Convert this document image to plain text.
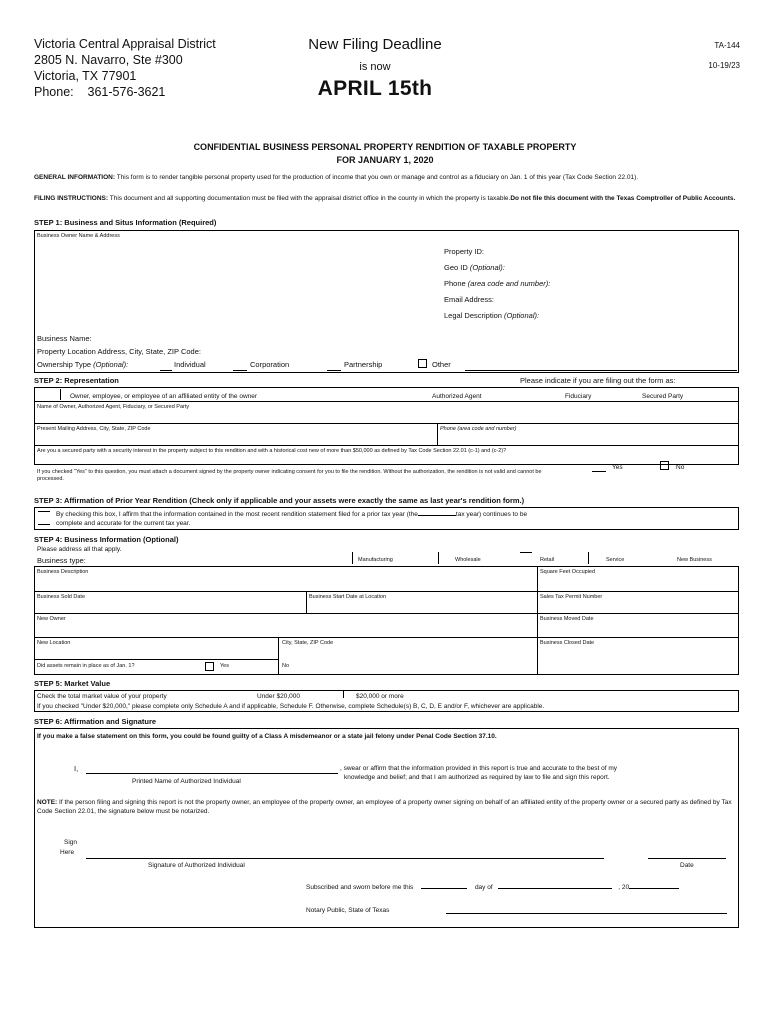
Victoria Central Appraisal District
2805 N. Navarro, Ste #300
Victoria, TX 77901
Phone: 361-576-3621
New Filing Deadline
is now
APRIL 15th
TA-144
10-19/23
CONFIDENTIAL BUSINESS PERSONAL PROPERTY RENDITION OF TAXABLE PROPERTY
FOR JANUARY 1, 2020
GENERAL INFORMATION: This form is to render tangible personal property used for the production of income that you own or manage and control as a fiduciary on Jan. 1 of this year (Tax Code Section 22.01).
FILING INSTRUCTIONS: This document and all supporting documentation must be filed with the appraisal district office in the county in which the property is taxable.Do not file this document with the Texas Comptroller of Public Accounts.
STEP 1: Business and Situs Information (Required)
Business Owner Name & Address
Property ID:
Geo ID (Optional):
Phone (area code and number):
Email Address:
Legal Description (Optional):
Business Name:
Property Location Address, City, State, ZIP Code:
Ownership Type (Optional):	Individual	Corporation	Partnership	Other
STEP 2: Representation	Please indicate if you are filing out the form as:
Owner, employee, or employee of an affiliated entity of the owner	Authorized Agent	Fiduciary	Secured Party
Name of Owner, Authorized Agent, Fiduciary, or Secured Party
Present Mailing Address, City, State, ZIP Code	Phone (area code and number)
Are you a secured party with a security interest in the property subject to this rendition and with a historical cost new of more than $50,000 as defined by Tax Code Section 22.01 (c-1) and (c-2)?
If you checked "Yes" to this question, you must attach a document signed by the property owner indicating consent for you to file the rendition. Without the authorization, the rendition is not valid and cannot be processed.
Yes	No
STEP 3: Affirmation of Prior Year Rendition (Check only if applicable and your assets were exactly the same as last year's rendition form.)
By checking this box, I affirm that the information contained in the most recent rendition statement filed for a prior tax year (the	tax year) continues to be
complete and accurate for the current tax year.
STEP 4: Business Information (Optional)
Please address all that apply.
Business type:	Manufacturing	Wholesale	Retail	Service	New Business
Business Description	Square Feet Occupied
Business Sold Date	Business Start Date at Location	Sales Tax Permit Number
New Owner	Business Moved Date
New Location	City, State, ZIP Code	Business Closed Date
Did assets remain in place as of Jan. 1?	Yes	No
STEP 5: Market Value
Check the total market value of your property	Under $20,000	$20,000 or more
If you checked "Under $20,000," please complete only Schedule A and if applicable, Schedule F. Otherwise, complete Schedule(s) B, C, D, E and/or F, whichever are applicable.
STEP 6: Affirmation and Signature
If you make a false statement on this form, you could be found guilty of a Class A misdemeanor or a state jail felony under Penal Code Section 37.10.
I,
Printed Name of Authorized Individual
, swear or affirm that the information provided in this report is true and accurate to the best of my
knowledge and belief; and that I am authorized as required by law to file and sign this report.
NOTE: If the person filing and signing this report is not the property owner, an employee of the property owner, an employee of a property owner signing on behalf of an affiliated entity of the property owner or a secured party as defined by Tax Code Section 22.01, the signature below must be notarized.
Sign
Here
Signature of Authorized Individual	Date
Subscribed and sworn before me this	day of	, 20
Notary Public, State of Texas
